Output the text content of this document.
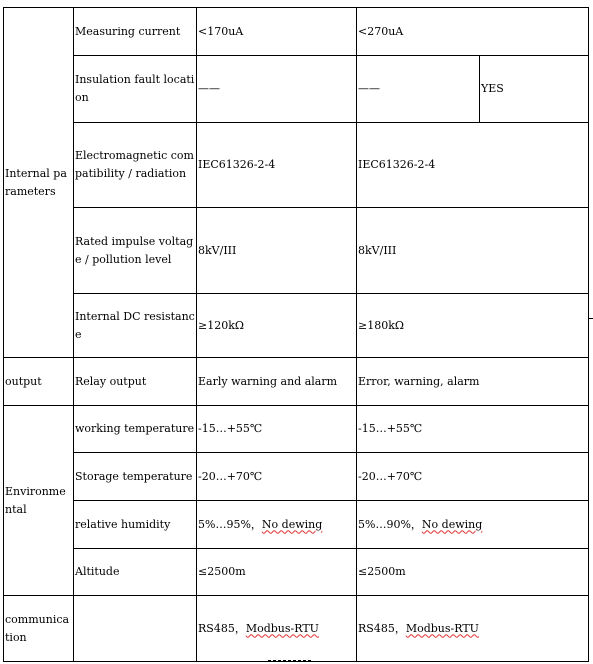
Internal parameters	Measuring current	<170uA	<270uA	
	Insulation fault location	——	——	YES
	Electromagnetic compatibility / radiation	IEC61326-2-4	IEC61326-2-4	
	Rated impulse voltage / pollution level	8kV/III	8kV/III	
	Internal DC resistance	≥120kΩ	≥180kΩ	
output	Relay output	Early warning and alarm	Error, warning, alarm	
Environmental	working temperature	-15…+55℃	-15…+55℃	
	Storage temperature	-20…+70℃	-20…+70℃	
	relative humidity	5%…95%，No dewing	5%…90%，No dewing	
	Altitude	≤2500m	≤2500m	
communication		RS485，Modbus-RTU	RS485，Modbus-RTU	
